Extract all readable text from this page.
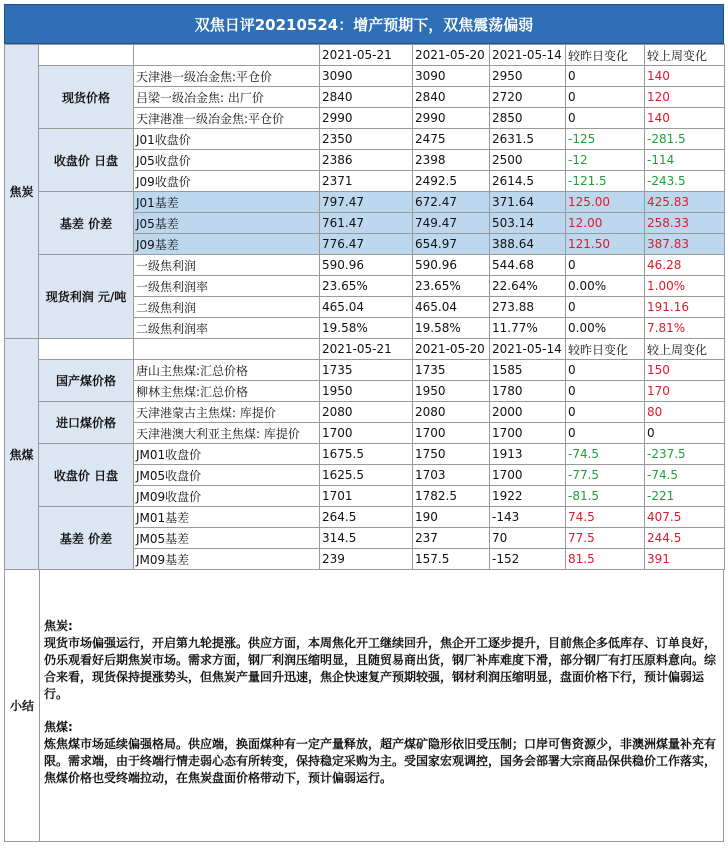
双焦日评20210524：增产预期下，双焦震荡偏弱
焦炭			2021-05-21	2021-05-20	2021-05-14	较昨日变化	较上周变化
	现货价格	天津港一级冶金焦:平仓价	3090	3090	2950	0	140
		吕梁一级冶金焦: 出厂价	2840	2840	2720	0	120
		天津港准一级冶金焦:平仓价	2990	2990	2850	0	140
	收盘价 日盘	J01收盘价	2350	2475	2631.5	-125	-281.5
		J05收盘价	2386	2398	2500	-12	-114
		J09收盘价	2371	2492.5	2614.5	-121.5	-243.5
	基差 价差	J01基差	797.47	672.47	371.64	125.00	425.83
		J05基差	761.47	749.47	503.14	12.00	258.33
		J09基差	776.47	654.97	388.64	121.50	387.83
	现货利润 元/吨	一级焦利润	590.96	590.96	544.68	0	46.28
		一级焦利润率	23.65%	23.65%	22.64%	0.00%	1.00%
		二级焦利润	465.04	465.04	273.88	0	191.16
		二级焦利润率	19.58%	19.58%	11.77%	0.00%	7.81%
焦煤			2021-05-21	2021-05-20	2021-05-14	较昨日变化	较上周变化
	国产煤价格	唐山主焦煤:汇总价格	1735	1735	1585	0	150
		柳林主焦煤:汇总价格	1950	1950	1780	0	170
	进口煤价格	天津港蒙古主焦煤: 库提价	2080	2080	2000	0	80
		天津港澳大利亚主焦煤: 库提价	1700	1700	1700	0	0
	收盘价 日盘	JM01收盘价	1675.5	1750	1913	-74.5	-237.5
		JM05收盘价	1625.5	1703	1700	-77.5	-74.5
		JM09收盘价	1701	1782.5	1922	-81.5	-221
	基差 价差	JM01基差	264.5	190	-143	74.5	407.5
		JM05基差	314.5	237	70	77.5	244.5
		JM09基差	239	157.5	-152	81.5	391
小结

焦炭:

现货市场偏强运行，开启第九轮提涨。供应方面，本周焦化开工继续回升，焦企开工逐步提升，目前焦企多低库存、订单良好，仍乐观看好后期焦炭市场。需求方面，钢厂利润压缩明显，且随贸易商出货，钢厂补库难度下滑，部分钢厂有打压原料意向。综合来看，现货保持提涨势头，但焦炭产量回升迅速，焦企快速复产预期较强，钢材利润压缩明显，盘面价格下行，预计偏弱运行。

焦煤:

炼焦煤市场延续偏强格局。供应端，换面煤种有一定产量释放，超产煤矿隐形依旧受压制；口岸可售资源少，非澳洲煤量补充有限。需求端，由于终端行情走弱心态有所转变，保持稳定采购为主。受国家宏观调控，国务会部署大宗商品保供稳价工作落实，焦煤价格也受终端拉动，在焦炭盘面价格带动下，预计偏弱运行。
